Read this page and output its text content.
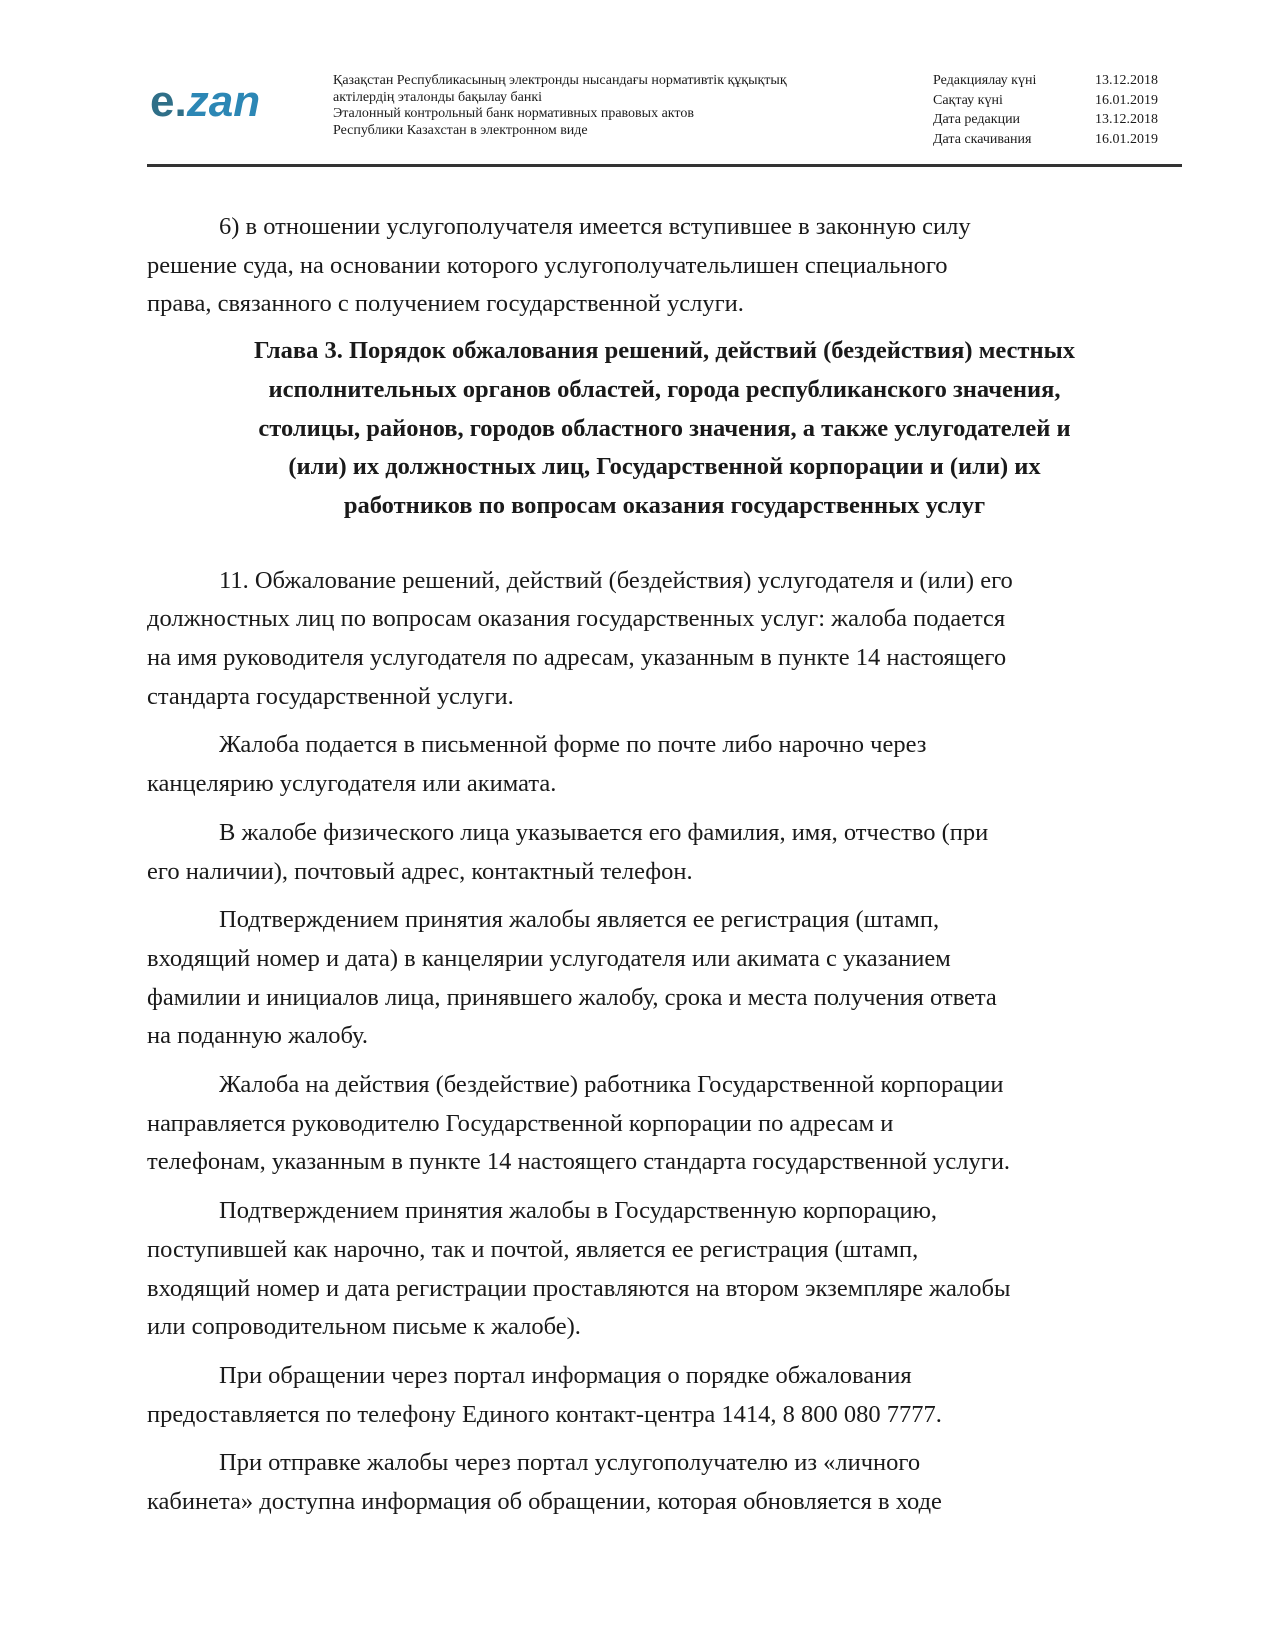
e.zan	Қазақстан Республикасының электронды нысандағы нормативтік құқықтық
актілердің эталонды бақылау банкі
Эталонный контрольный банк нормативных правовых актов
Республики Казахстан в электронном виде
Редакциялау күні	13.12.2018
Сақтау күні	16.01.2019
Дата редакции	13.12.2018
Дата скачивания	16.01.2019

6) в отношении услугополучателя имеется вступившее в законную силу

решение суда, на основании которого услугополучательлишен специального
права, связанного с получением государственной услуги.

Глава 3. Порядок обжалования решений, действий (бездействия) местных
исполнительных органов областей, города республиканского значения,
столицы, районов, городов областного значения, а также услугодателей и
(или) их должностных лиц, Государственной корпорации и (или) их
работников по вопросам оказания государственных услуг

11. Обжалование решений, действий (бездействия) услугодателя и (или) его

должностных лиц по вопросам оказания государственных услуг: жалоба подается
на имя руководителя услугодателя по адресам, указанным в пункте 14 настоящего
стандарта государственной услуги.

Жалоба подается в письменной форме по почте либо нарочно через

канцелярию услугодателя или акимата.

В жалобе физического лица указывается его фамилия, имя, отчество (при

его наличии), почтовый адрес, контактный телефон.

Подтверждением принятия жалобы является ее регистрация (штамп,

входящий номер и дата) в канцелярии услугодателя или акимата с указанием
фамилии и инициалов лица, принявшего жалобу, срока и места получения ответа
на поданную жалобу.

Жалоба на действия (бездействие) работника Государственной корпорации

направляется руководителю Государственной корпорации по адресам и
телефонам, указанным в пункте 14 настоящего стандарта государственной услуги.

Подтверждением принятия жалобы в Государственную корпорацию,

поступившей как нарочно, так и почтой, является ее регистрация (штамп,
входящий номер и дата регистрации проставляются на втором экземпляре жалобы
или сопроводительном письме к жалобе).

При обращении через портал информация о порядке обжалования

предоставляется по телефону Единого контакт-центра 1414, 8 800 080 7777.

При отправке жалобы через портал услугополучателю из «личного

кабинета» доступна информация об обращении, которая обновляется в ходе
